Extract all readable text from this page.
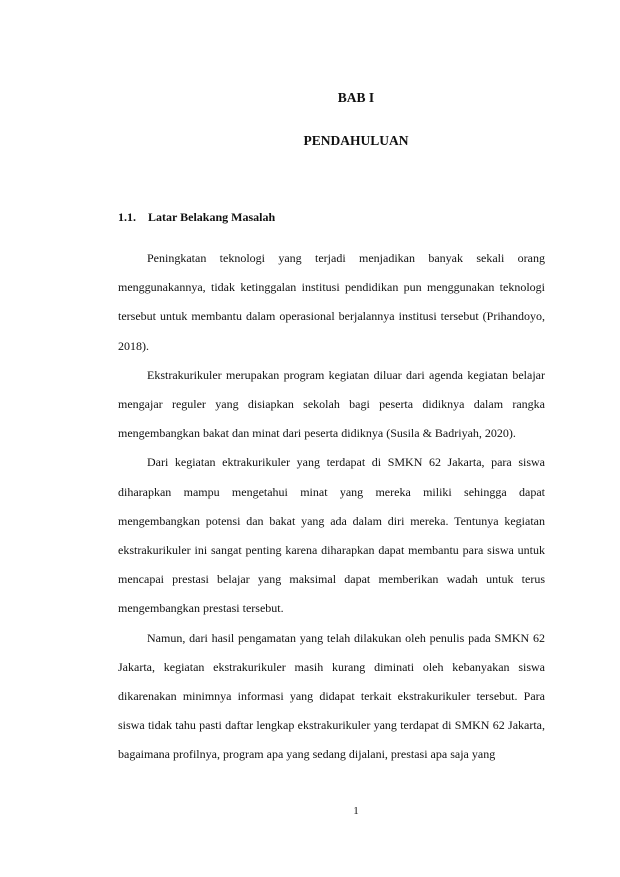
BAB I
PENDAHULUAN
1.1. Latar Belakang Masalah

Peningkatan teknologi yang terjadi menjadikan banyak sekali orang menggunakannya, tidak ketinggalan institusi pendidikan pun menggunakan teknologi tersebut untuk membantu dalam operasional berjalannya institusi tersebut (Prihandoyo, 2018).

Ekstrakurikuler merupakan program kegiatan diluar dari agenda kegiatan belajar mengajar reguler yang disiapkan sekolah bagi peserta didiknya dalam rangka mengembangkan bakat dan minat dari peserta didiknya (Susila & Badriyah, 2020).

Dari kegiatan ektrakurikuler yang terdapat di SMKN 62 Jakarta, para siswa diharapkan mampu mengetahui minat yang mereka miliki sehingga dapat mengembangkan potensi dan bakat yang ada dalam diri mereka. Tentunya kegiatan ekstrakurikuler ini sangat penting karena diharapkan dapat membantu para siswa untuk mencapai prestasi belajar yang maksimal dapat memberikan wadah untuk terus mengembangkan prestasi tersebut.

Namun, dari hasil pengamatan yang telah dilakukan oleh penulis pada SMKN 62 Jakarta, kegiatan ekstrakurikuler masih kurang diminati oleh kebanyakan siswa dikarenakan minimnya informasi yang didapat terkait ekstrakurikuler tersebut. Para siswa tidak tahu pasti daftar lengkap ekstrakurikuler yang terdapat di SMKN 62 Jakarta, bagaimana profilnya, program apa yang sedang dijalani, prestasi apa saja yang

1
